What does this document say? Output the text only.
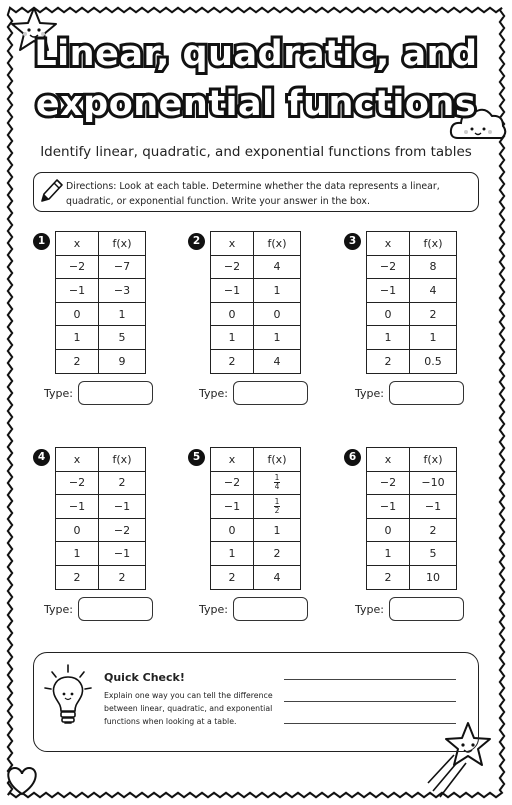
Linear, quadratic, and
exponential functions
Identify linear, quadratic, and exponential functions from tables
Directions: Look at each table. Determine whether the data represents a linear, quadratic, or exponential function. Write your answer in the box.
1	x	f(x)
−2	−7
−1	−3
0	1
1	5
2	9
Type:
2	x	f(x)
−2	4
−1	1
0	0
1	1
2	4
Type:
3	x	f(x)
−2	8
−1	4
0	2
1	1
2	0.5
Type:
4	x	f(x)
−2	2
−1	−1
0	−2
1	−1
2	2
Type:
5	x	f(x)
−2	$\frac{1}{4}$

−1	$\frac{1}{2}$

0	1
1	2
2	4
Type:
6	x	f(x)
−2	−10
−1	−1
0	2
1	5
2	10
Type:
Quick Check!
Explain one way you can tell the difference between linear, quadratic, and exponential functions when looking at a table.
